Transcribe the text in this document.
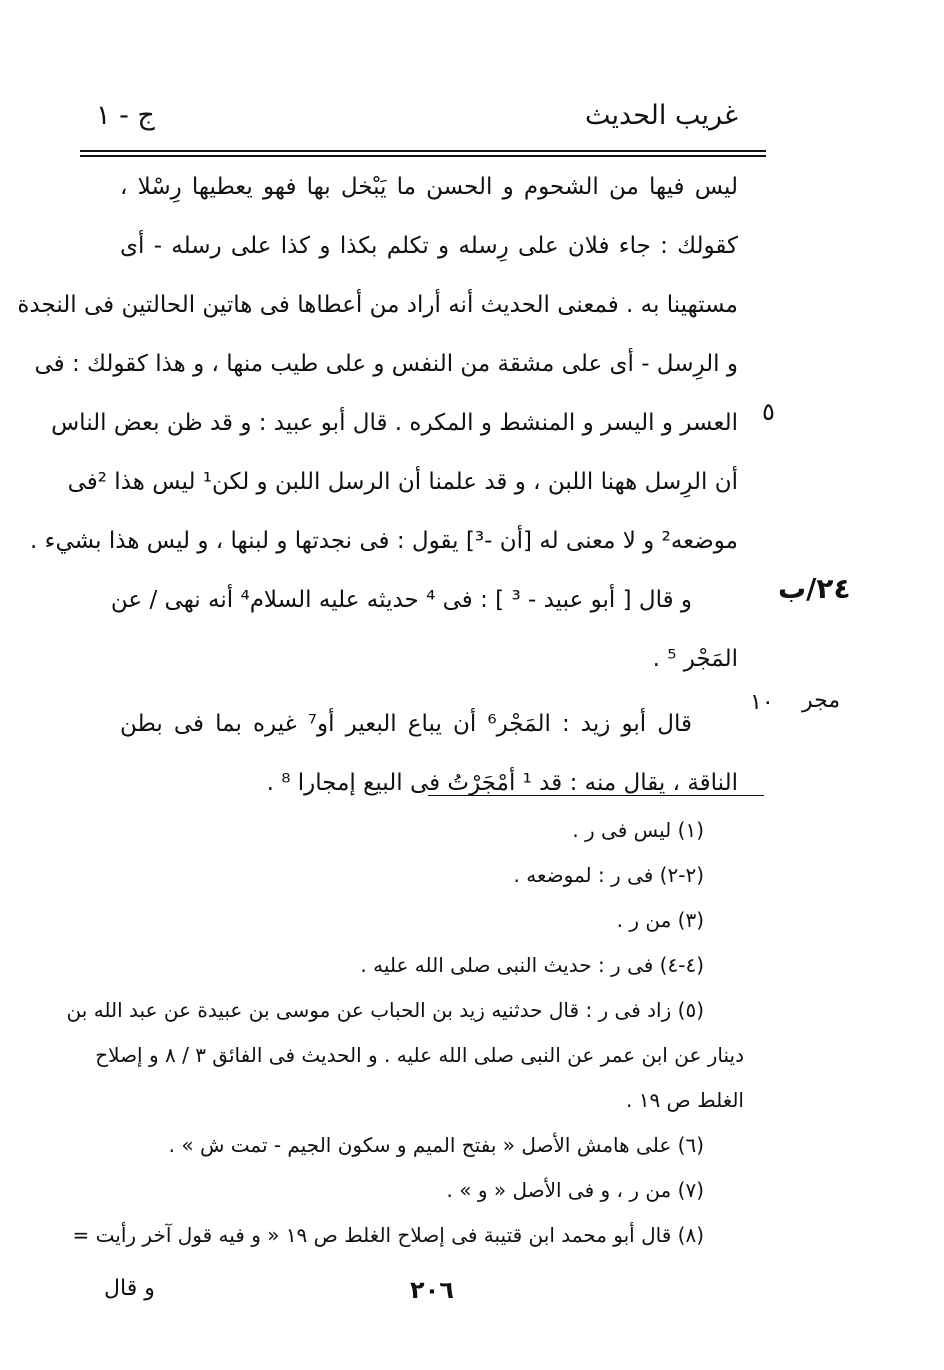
غريب الحديث
ج - ١
ليس فيها من الشحوم و الحسن ما يَبْخل بها فهو يعطيها رِسْلا ،
كقولك : جاء فلان على رِسله و تكلم بكذا و كذا على رسله - أى
مستهينا به . فمعنى الحديث أنه أراد من أعطاها فى هاتين الحالتين فى النجدة
و الرِسل - أى على مشقة من النفس و على طيب منها ، و هذا كقولك : فى
العسر و اليسر و المنشط و المكره . قال أبو عبيد : و قد ظن بعض الناس
أن الرِسل ههنا اللبن ، و قد علمنا أن الرسل اللبن و لكن¹ ليس هذا ²فى
موضعه² و لا معنى له [أن -³] يقول : فى نجدتها و لبنها ، و ليس هذا بشيء .
و قال [ أبو عبيد - ³ ] : فى ⁴ حديثه عليه السلام⁴ أنه نهى / عن
المَجْر ⁵ .
قال أبو زيد : المَجْر⁶ أن يباع البعير أو⁷ غيره بما فى بطن
الناقة ، يقال منه : قد ¹ أمْجَرْتُ فى البيع إمجارا ⁸ .
٥
٢٤/ب
١٠ مجر
(١) ليس فى ر .
(٢-٢) فى ر : لموضعه .
(٣) من ر .
(٤-٤) فى ر : حديث النبى صلى الله عليه .
(٥) زاد فى ر : قال حدثنيه زيد بن الحباب عن موسى بن عبيدة عن عبد الله بن
دينار عن ابن عمر عن النبى صلى الله عليه . و الحديث فى الفائق ٣ / ٨ و إصلاح
الغلط ص ١٩ .
(٦) على هامش الأصل « بفتح الميم و سكون الجيم - تمت ش » .
(٧) من ر ، و فى الأصل « و » .
(٨) قال أبو محمد ابن قتيبة فى إصلاح الغلط ص ١٩ « و فيه قول آخر رأيت =
٢٠٦
و قال
